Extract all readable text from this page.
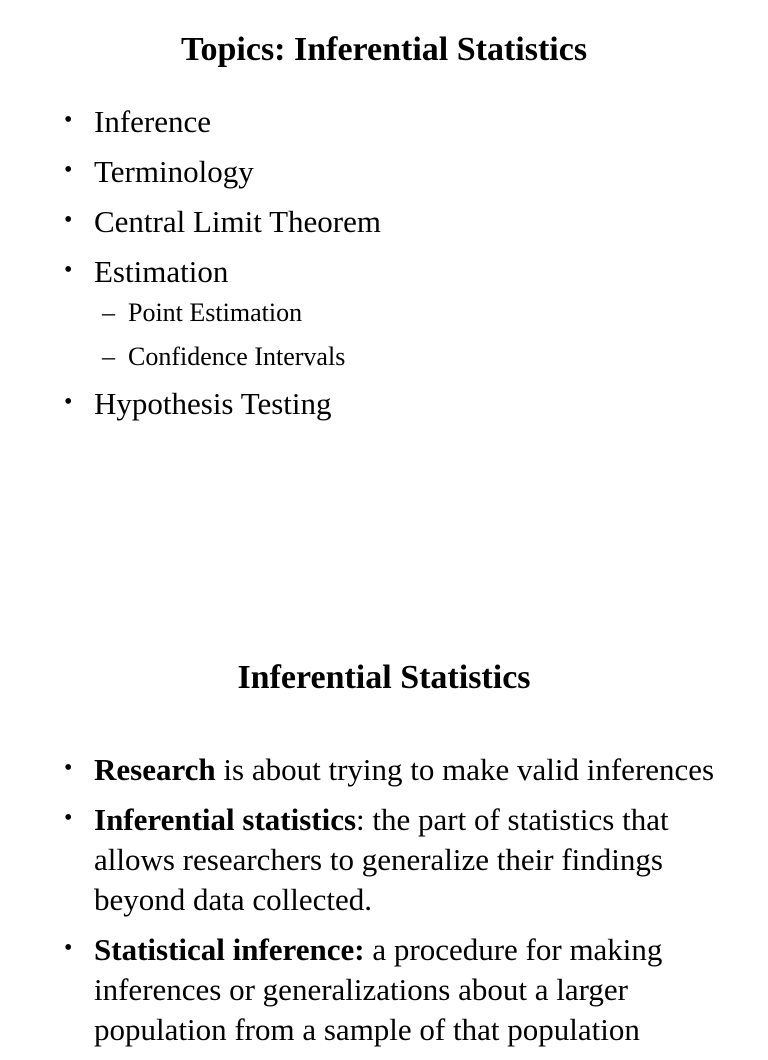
Topics: Inferential Statistics
• Inference
• Terminology
• Central Limit Theorem
• Estimation
– Point Estimation
– Confidence Intervals
• Hypothesis Testing
Inferential Statistics
• Research is about trying to make valid inferences
• Inferential statistics: the part of statistics that allows researchers to generalize their findings beyond data collected.
• Statistical inference: a procedure for making inferences or generalizations about a larger population from a sample of that population
